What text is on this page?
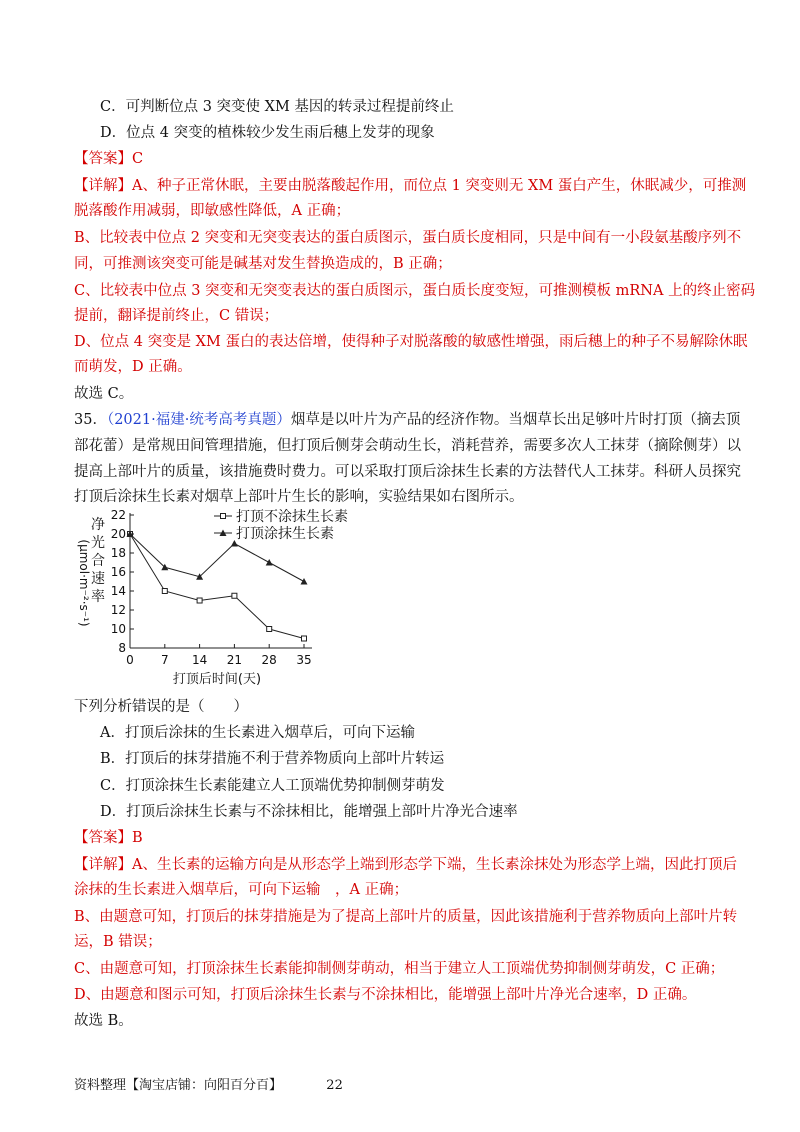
C．可判断位点 3 突变使 XM 基因的转录过程提前终止
D．位点 4 突变的植株较少发生雨后穗上发芽的现象
【答案】C
【详解】A、种子正常休眠，主要由脱落酸起作用，而位点 1 突变则无 XM 蛋白产生，休眠减少，可推测
脱落酸作用减弱，即敏感性降低，A 正确；
B、比较表中位点 2 突变和无突变表达的蛋白质图示，蛋白质长度相同，只是中间有一小段氨基酸序列不
同，可推测该突变可能是碱基对发生替换造成的，B 正确；
C、比较表中位点 3 突变和无突变表达的蛋白质图示，蛋白质长度变短，可推测模板 mRNA 上的终止密码
提前，翻译提前终止，C 错误；
D、位点 4 突变是 XM 蛋白的表达倍增，使得种子对脱落酸的敏感性增强，雨后穗上的种子不易解除休眠
而萌发，D 正确。
故选 C。
35．（2021·福建·统考高考真题）烟草是以叶片为产品的经济作物。当烟草长出足够叶片时打顶（摘去顶
部花蕾）是常规田间管理措施，但打顶后侧芽会萌动生长，消耗营养，需要多次人工抹芽（摘除侧芽）以
提高上部叶片的质量，该措施费时费力。可以采取打顶后涂抹生长素的方法替代人工抹芽。科研人员探究
打顶后涂抹生长素对烟草上部叶片生长的影响，实验结果如右图所示。
净
光
合
速
率
(μmol·m⁻²·s⁻¹)
8
10
12
14
16
18
20
22
0 7 14 21 28 35
打顶不涂抹生长素
打顶涂抹生长素
打顶后时间(天)
下列分析错误的是（　　）
A．打顶后涂抹的生长素进入烟草后，可向下运输
B．打顶后的抹芽措施不利于营养物质向上部叶片转运
C．打顶涂抹生长素能建立人工顶端优势抑制侧芽萌发
D．打顶后涂抹生长素与不涂抹相比，能增强上部叶片净光合速率
【答案】B
【详解】A、生长素的运输方向是从形态学上端到形态学下端，生长素涂抹处为形态学上端，因此打顶后
涂抹的生长素进入烟草后，可向下运输　，A 正确；
B、由题意可知，打顶后的抹芽措施是为了提高上部叶片的质量，因此该措施利于营养物质向上部叶片转
运，B 错误；
C、由题意可知，打顶涂抹生长素能抑制侧芽萌动，相当于建立人工顶端优势抑制侧芽萌发，C 正确；
D、由题意和图示可知，打顶后涂抹生长素与不涂抹相比，能增强上部叶片净光合速率，D 正确。
故选 B。
资料整理【淘宝店铺：向阳百分百】	22
